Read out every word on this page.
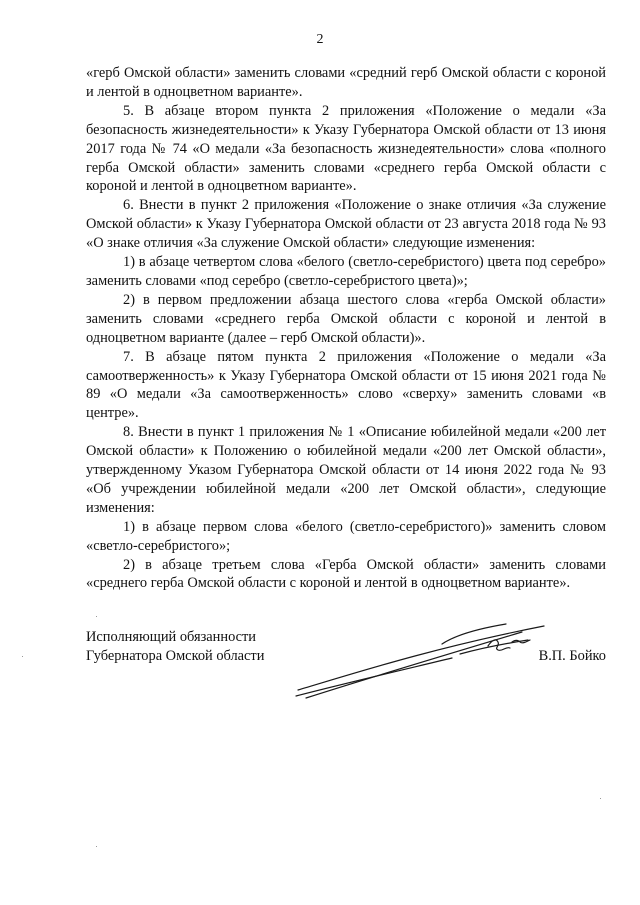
2

«герб Омской области» заменить словами «средний герб Омской области с короной и лентой в одноцветном варианте».

5. В абзаце втором пункта 2 приложения «Положение о медали «За безопасность жизнедеятельности» к Указу Губернатора Омской области от 13 июня 2017 года № 74 «О медали «За безопасность жизнедеятельности» слова «полного герба Омской области» заменить словами «среднего герба Омской области с короной и лентой в одноцветном варианте».

6. Внести в пункт 2 приложения «Положение о знаке отличия «За служение Омской области» к Указу Губернатора Омской области от 23 августа 2018 года № 93 «О знаке отличия «За служение Омской области» следующие изменения:

1) в абзаце четвертом слова «белого (светло-серебристого) цвета под серебро» заменить словами «под серебро (светло-серебристого цвета)»;

2) в первом предложении абзаца шестого слова «герба Омской области» заменить словами «среднего герба Омской области с короной и лентой в одноцветном варианте (далее – герб Омской области)».

7. В абзаце пятом пункта 2 приложения «Положение о медали «За самоотверженность» к Указу Губернатора Омской области от 15 июня 2021 года № 89 «О медали «За самоотверженность» слово «сверху» заменить словами «в центре».

8. Внести в пункт 1 приложения № 1 «Описание юбилейной медали «200 лет Омской области» к Положению о юбилейной медали «200 лет Омской области», утвержденному Указом Губернатора Омской области от 14 июня 2022 года № 93 «Об учреждении юбилейной медали «200 лет Омской области», следующие изменения:

1) в абзаце первом слова «белого (светло-серебристого)» заменить словом «светло-серебристого»;

2) в абзаце третьем слова «Герба Омской области» заменить словами «среднего герба Омской области с короной и лентой в одноцветном варианте».

Исполняющий обязанности
Губернатора Омской области	В.П. Бойко
